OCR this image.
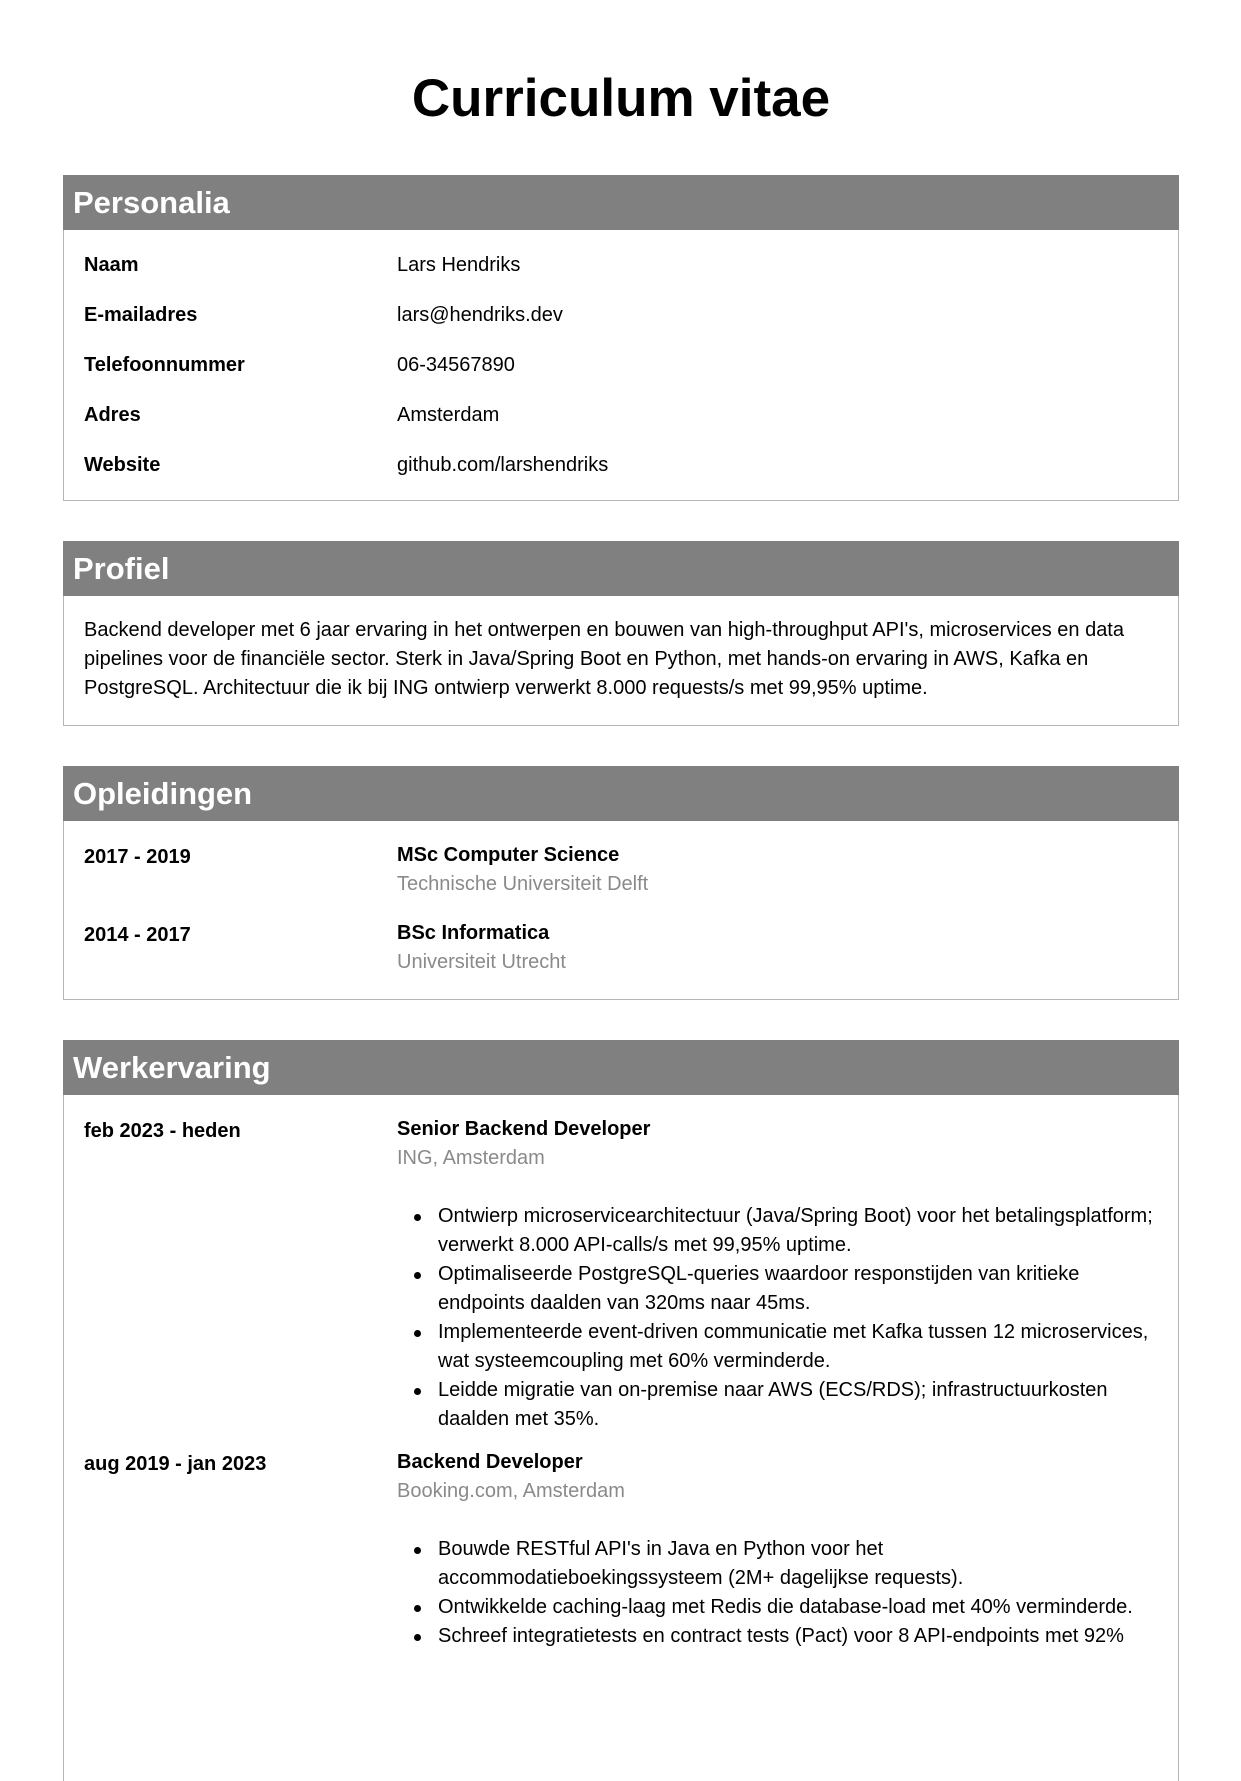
Curriculum vitae
Personalia
Naam	Lars Hendriks
E-mailadres	lars@hendriks.dev
Telefoonnummer	06-34567890
Adres	Amsterdam
Website	github.com/larshendriks
Profiel
Backend developer met 6 jaar ervaring in het ontwerpen en bouwen van high-throughput API's, microservices en data pipelines voor de financiële sector. Sterk in Java/Spring Boot en Python, met hands-on ervaring in AWS, Kafka en PostgreSQL. Architectuur die ik bij ING ontwierp verwerkt 8.000 requests/s met 99,95% uptime.
Opleidingen
2017 - 2019	MSc Computer Science
Technische Universiteit Delft
2014 - 2017	BSc Informatica
Universiteit Utrecht
Werkervaring
feb 2023 - heden	Senior Backend Developer
ING, Amsterdam
Ontwierp microservicearchitectuur (Java/Spring Boot) voor het betalingsplatform; verwerkt 8.000 API-calls/s met 99,95% uptime.
Optimaliseerde PostgreSQL-queries waardoor responstijden van kritieke endpoints daalden van 320ms naar 45ms.
Implementeerde event-driven communicatie met Kafka tussen 12 microservices, wat systeemcoupling met 60% verminderde.
Leidde migratie van on-premise naar AWS (ECS/RDS); infrastructuurkosten daalden met 35%.
aug 2019 - jan 2023	Backend Developer
Booking.com, Amsterdam
Bouwde RESTful API's in Java en Python voor het accommodatieboekingssysteem (2M+ dagelijkse requests).
Ontwikkelde caching-laag met Redis die database-load met 40% verminderde.
Schreef integratietests en contract tests (Pact) voor 8 API-endpoints met 92%
